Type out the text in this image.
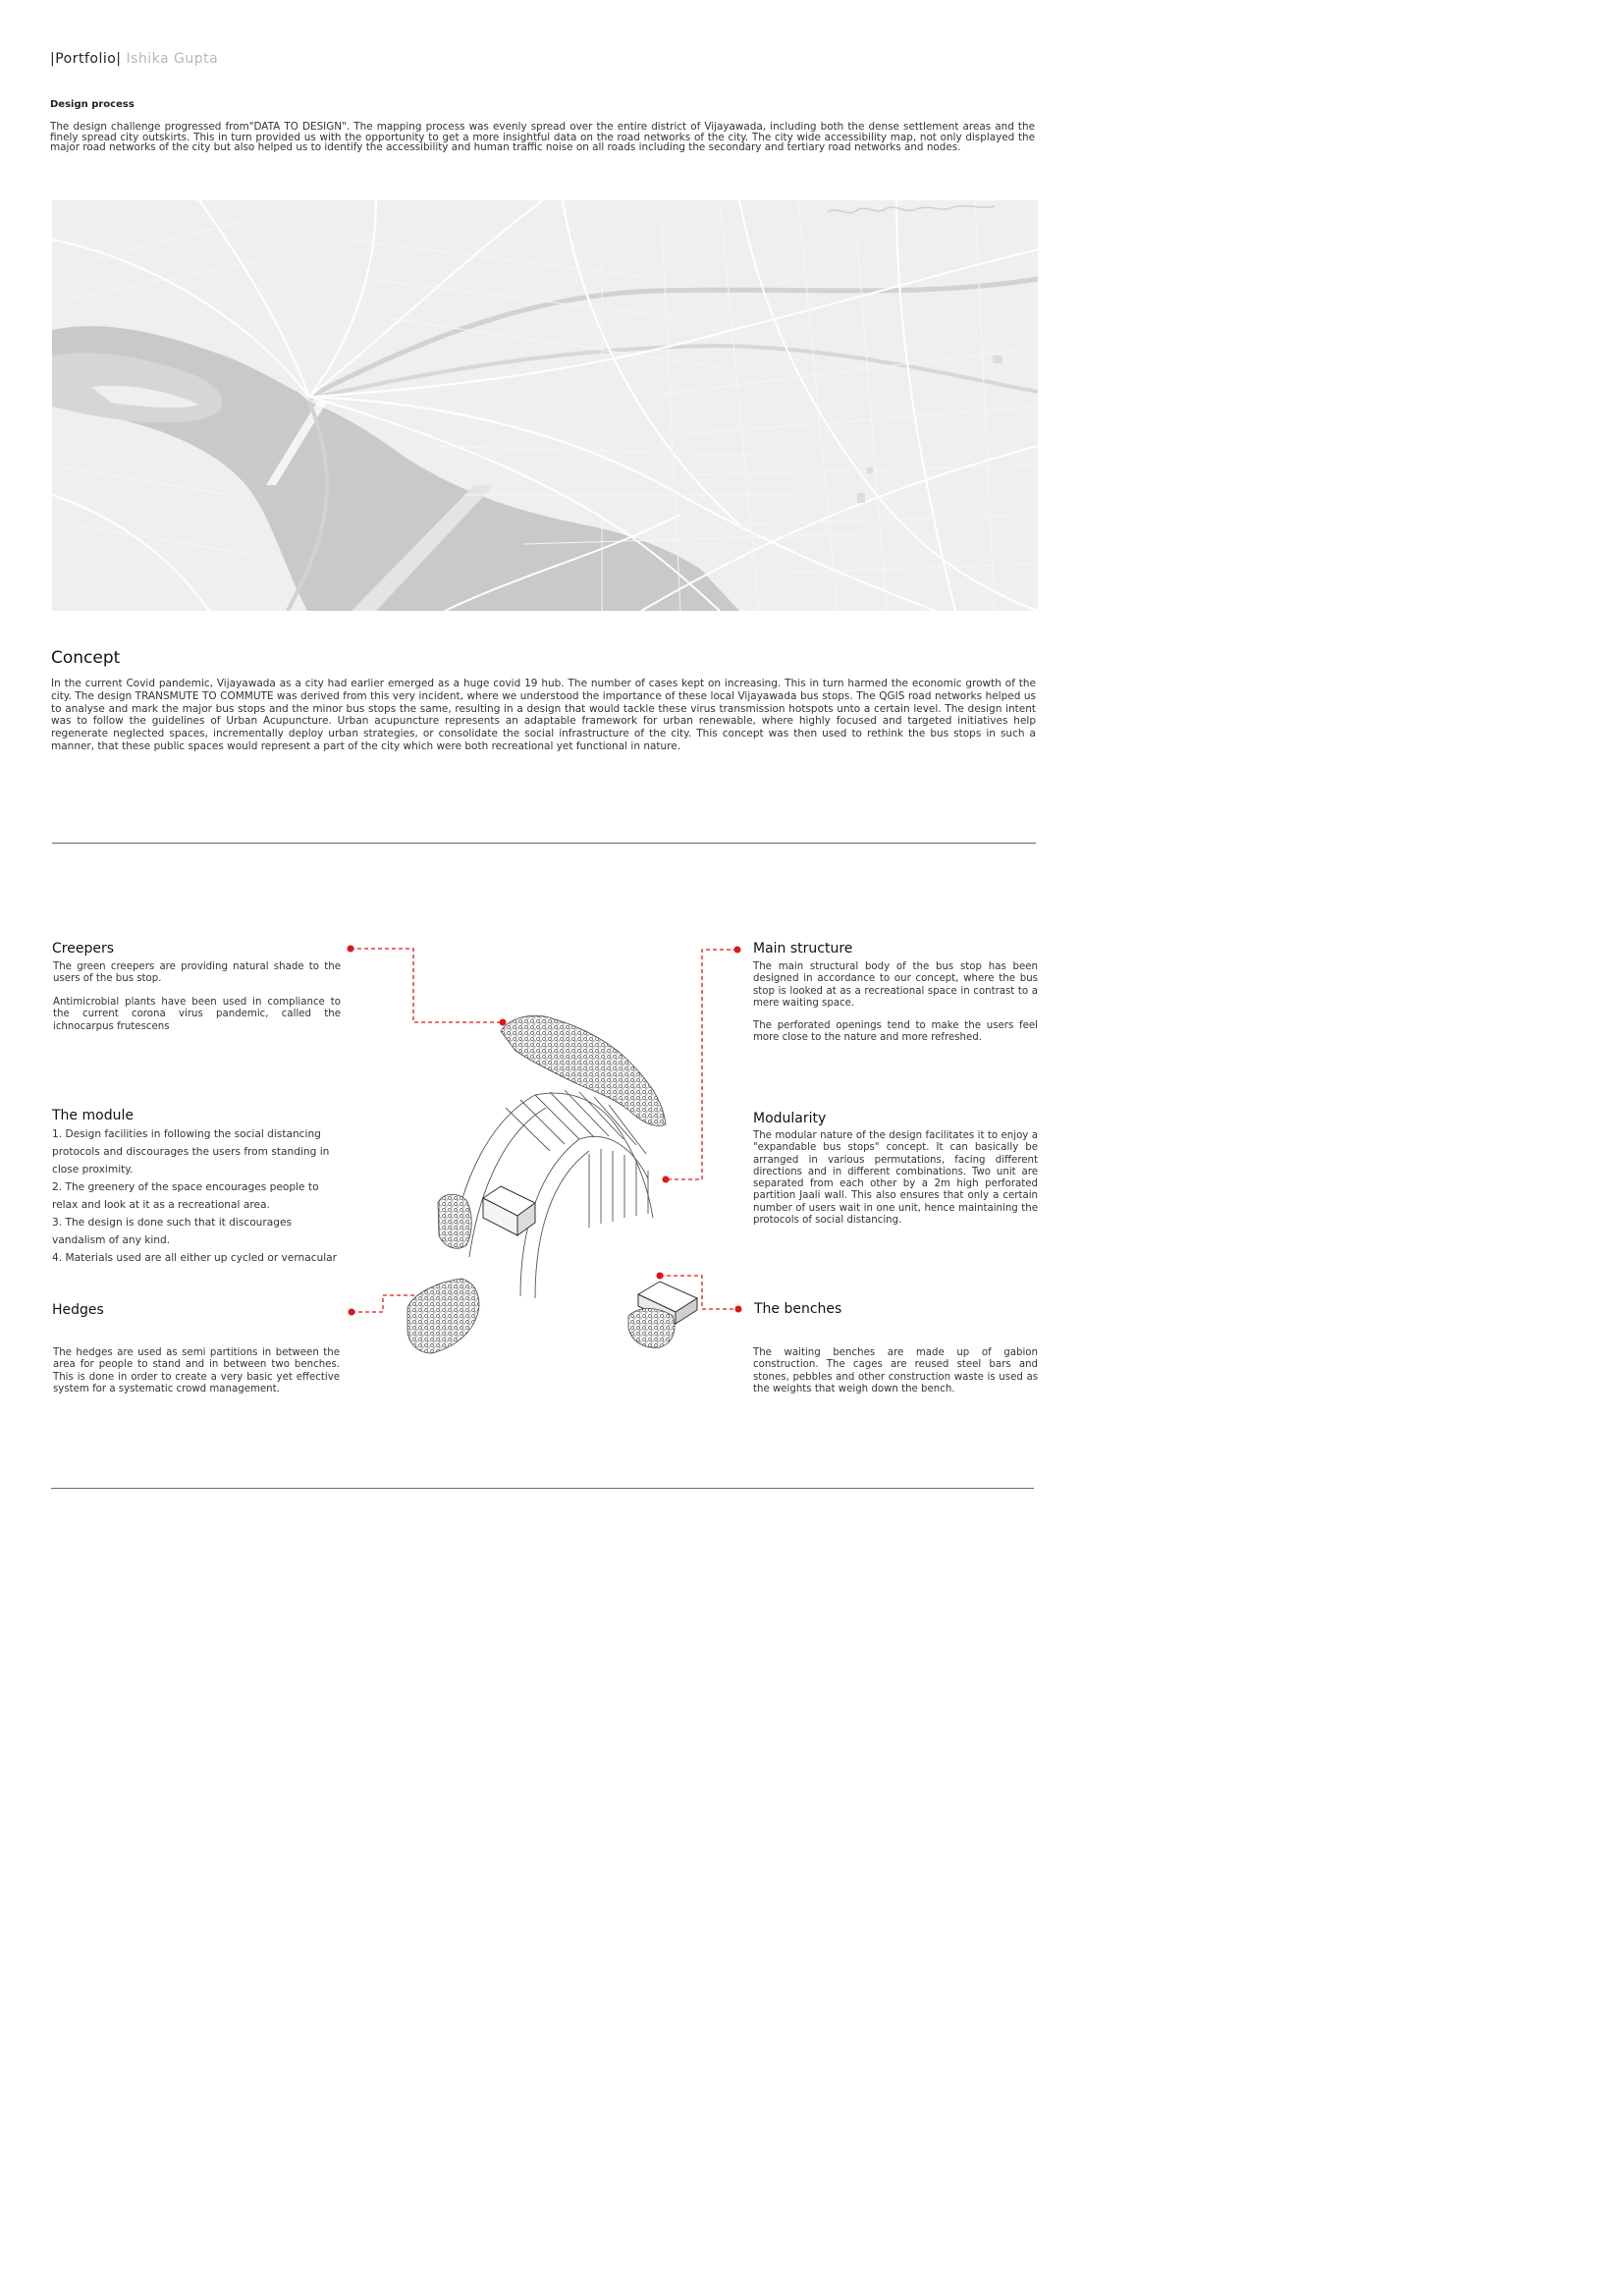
|Portfolio| Ishika Gupta
Design process
The design challenge progressed from"DATA TO DESIGN". The mapping process was evenly spread over the entire district of Vijayawada, including both the dense settlement areas and the finely spread city outskirts. This in turn provided us with the opportunity to get a more insightful data on the road networks of the city. The city wide accessibility map, not only displayed the major road networks of the city but also helped us to identify the accessibility and human traffic noise on all roads including the secondary and tertiary road networks and nodes.
Concept
In the current Covid pandemic, Vijayawada as a city had earlier emerged as a huge covid 19 hub. The number of cases kept on increasing. This in turn harmed the economic growth of the city. The design TRANSMUTE TO COMMUTE was derived from this very incident, where we understood the importance of these local Vijayawada bus stops. The QGIS road networks helped us to analyse and mark the major bus stops and the minor bus stops the same, resulting in a design that would tackle these virus transmission hotspots unto a certain level. The design intent was to follow the guidelines of Urban Acupuncture. Urban acupuncture represents an adaptable framework for urban renewable, where highly focused and targeted initiatives help regenerate neglected spaces, incrementally deploy urban strategies, or consolidate the social infrastructure of the city. This concept was then used to rethink the bus stops in such a manner, that these public spaces would represent a part of the city which were both recreational yet functional in nature.
Creepers
The green creepers are providing natural shade to the users of the bus stop.
Antimicrobial plants have been used in compliance to the current corona virus pandemic, called the ichnocarpus frutescens
The module

1. Design facilities in following the social distancing protocols and discourages the users from standing in close proximity.

2. The greenery of the space encourages people to relax and look at it as a recreational area.

3. The design is done such that it discourages vandalism of any kind.

4. Materials used are all either up cycled or vernacular

Hedges
The hedges are used as semi partitions in between the area for people to stand and in between two benches. This is done in order to create a very basic yet effective system for a systematic crowd management.
Main structure
The main structural body of the bus stop has been designed in accordance to our concept, where the bus stop is looked at as a recreational space in contrast to a mere waiting space.
The perforated openings tend to make the users feel more close to the nature and more refreshed.
Modularity
The modular nature of the design facilitates it to enjoy a "expandable bus stops" concept. It can basically be arranged in various permutations, facing different directions and in different combinations. Two unit are separated from each other by a 2m high perforated partition Jaali wall. This also ensures that only a certain number of users wait in one unit, hence maintaining the protocols of social distancing.
The benches
The waiting benches are made up of gabion construction. The cages are reused steel bars and stones, pebbles and other construction waste is used as the weights that weigh down the bench.
